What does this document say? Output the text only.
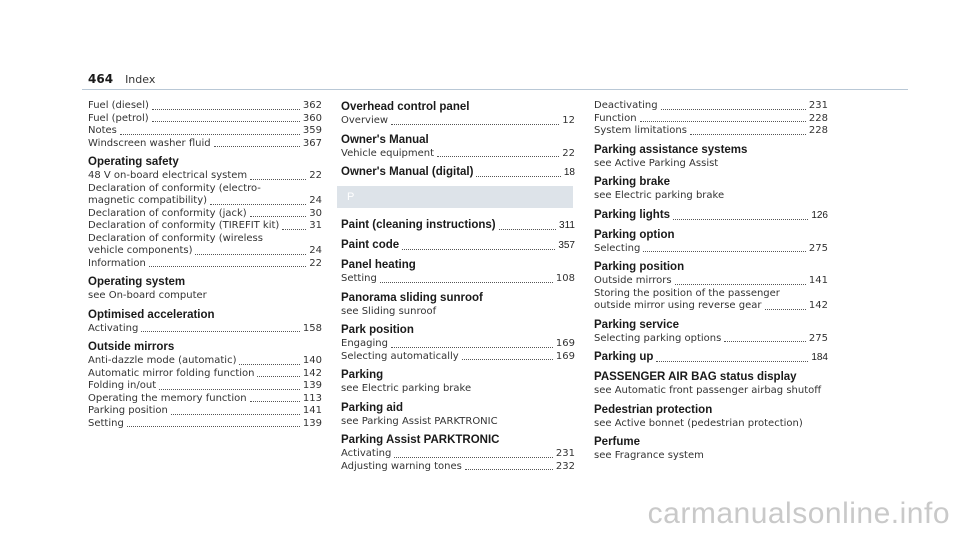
464 Index
Fuel (diesel)	362
Fuel (petrol)	360
Notes	359
Windscreen washer fluid	367
Operating safety
48 V on-board electrical system	22
Declaration of conformity (electro-
magnetic compatibility)	24
Declaration of conformity (jack)	30
Declaration of conformity (TIREFIT kit)	31
Declaration of conformity (wireless
vehicle components)	24
Information	22
Operating system
see On-board computer
Optimised acceleration
Activating	158
Outside mirrors
Anti-dazzle mode (automatic)	140
Automatic mirror folding function	142
Folding in/out	139
Operating the memory function	113
Parking position	141
Setting	139
Overhead control panel
Overview	12
Owner's Manual
Vehicle equipment	22
Owner's Manual (digital)	18
P
Paint (cleaning instructions)	311
Paint code	357
Panel heating
Setting	108
Panorama sliding sunroof
see Sliding sunroof
Park position
Engaging	169
Selecting automatically	169
Parking
see Electric parking brake
Parking aid
see Parking Assist PARKTRONIC
Parking Assist PARKTRONIC
Activating	231
Adjusting warning tones	232
Deactivating	231
Function	228
System limitations	228
Parking assistance systems
see Active Parking Assist
Parking brake
see Electric parking brake
Parking lights	126
Parking option
Selecting	275
Parking position
Outside mirrors	141
Storing the position of the passenger
outside mirror using reverse gear	142
Parking service
Selecting parking options	275
Parking up	184
PASSENGER AIR BAG status display
see Automatic front passenger airbag shutoff
Pedestrian protection
see Active bonnet (pedestrian protection)
Perfume
see Fragrance system
carmanualsonline.info
